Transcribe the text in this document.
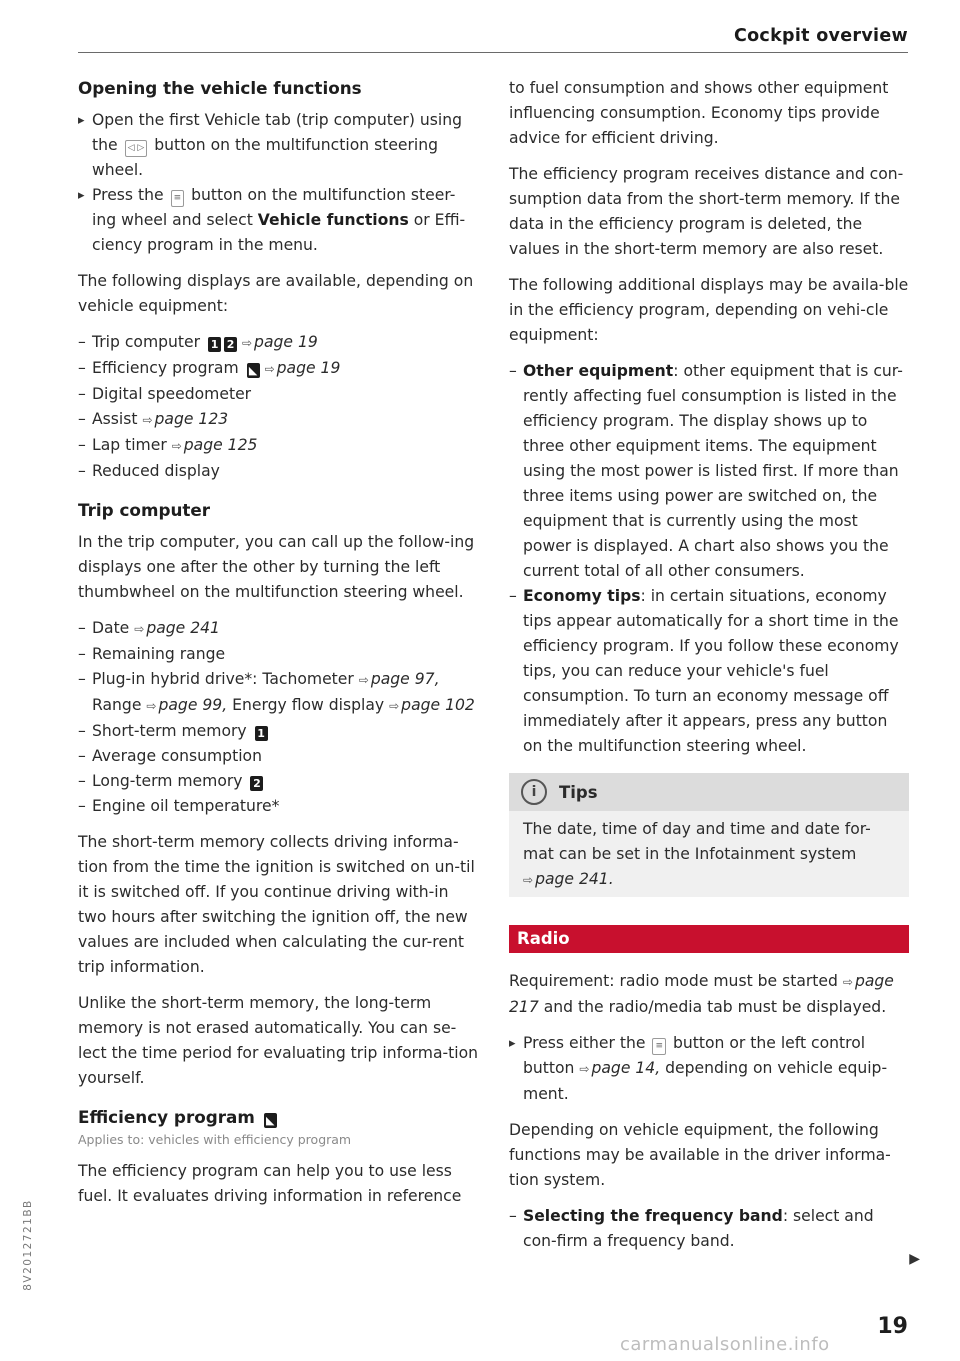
Cockpit overview
Opening the vehicle functions

▸ Open the first Vehicle tab (trip computer) using the ◁ ▷ button on the multifunction steering wheel.

▸ Press the ≡ button on the multifunction steer-ing wheel and select Vehicle functions or Effi-ciency program in the menu.

The following displays are available, depending on vehicle equipment:

– Trip computer 1 2 ⇨ page 19
– Efficiency program ◣ ⇨ page 19
– Digital speedometer
– Assist ⇨ page 123
– Lap timer ⇨ page 125
– Reduced display
Trip computer

In the trip computer, you can call up the follow-ing displays one after the other by turning the left thumbwheel on the multifunction steering wheel.

– Date ⇨ page 241
– Remaining range
– Plug-in hybrid drive*: Tachometer ⇨ page 97, Range ⇨ page 99, Energy flow display ⇨ page 102
– Short-term memory 1
– Average consumption
– Long-term memory 2
– Engine oil temperature*

The short-term memory collects driving informa-tion from the time the ignition is switched on un-til it is switched off. If you continue driving with-in two hours after switching the ignition off, the new values are included when calculating the cur-rent trip information.

Unlike the short-term memory, the long-term memory is not erased automatically. You can se-lect the time period for evaluating trip informa-tion yourself.

Efficiency program ◣
Applies to: vehicles with efficiency program

The efficiency program can help you to use less fuel. It evaluates driving information in reference

to fuel consumption and shows other equipment influencing consumption. Economy tips provide advice for efficient driving.

The efficiency program receives distance and con-sumption data from the short-term memory. If the data in the efficiency program is deleted, the values in the short-term memory are also reset.

The following additional displays may be availa-ble in the efficiency program, depending on vehi-cle equipment:

– Other equipment: other equipment that is cur-rently affecting fuel consumption is listed in the efficiency program. The display shows up to three other equipment items. The equipment using the most power is listed first. If more than three items using power are switched on, the equipment that is currently using the most power is displayed. A chart also shows you the current total of all other consumers.
– Economy tips: in certain situations, economy tips appear automatically for a short time in the efficiency program. If you follow these economy tips, you can reduce your vehicle's fuel consumption. To turn an economy message off immediately after it appears, press any button on the multifunction steering wheel.
i	Tips
The date, time of day and time and date for-mat can be set in the Infotainment system ⇨ page 241.
Radio

Requirement: radio mode must be started ⇨ page 217 and the radio/media tab must be displayed.

▸ Press either the ≡ button or the left control button ⇨ page 14, depending on vehicle equip-ment.

Depending on vehicle equipment, the following functions may be available in the driver informa-tion system.

– Selecting the frequency band: select and con-firm a frequency band.
▶
19
8V2012721BB
carmanualsonline.info
